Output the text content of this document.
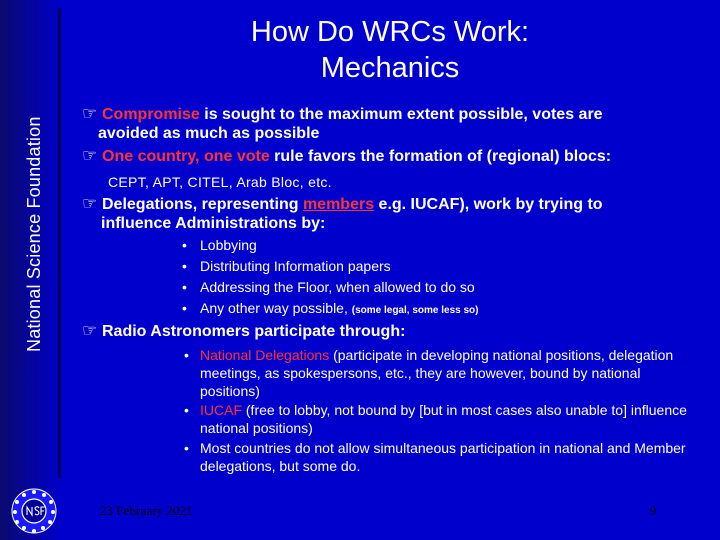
National Science Foundation
How Do WRCs Work:
Mechanics
☞ Compromise is sought to the maximum extent possible, votes are
avoided as much as possible
☞ One country, one vote rule favors the formation of (regional) blocs:
CEPT, APT, CITEL, Arab Bloc, etc.
☞ Delegations, representing members e.g. IUCAF), work by trying to
influence Administrations by:
• Lobbying
• Distributing Information papers
• Addressing the Floor, when allowed to do so
• Any other way possible, (some legal, some less so)
☞ Radio Astronomers participate through:
• National Delegations (participate in developing national positions, delegation meetings, as spokespersons, etc., they are however, bound by national positions)
• IUCAF (free to lobby, not bound by [but in most cases also unable to] influence national positions)
• Most countries do not allow simultaneous participation in national and Member delegations, but some do.
23 February 2021	9
